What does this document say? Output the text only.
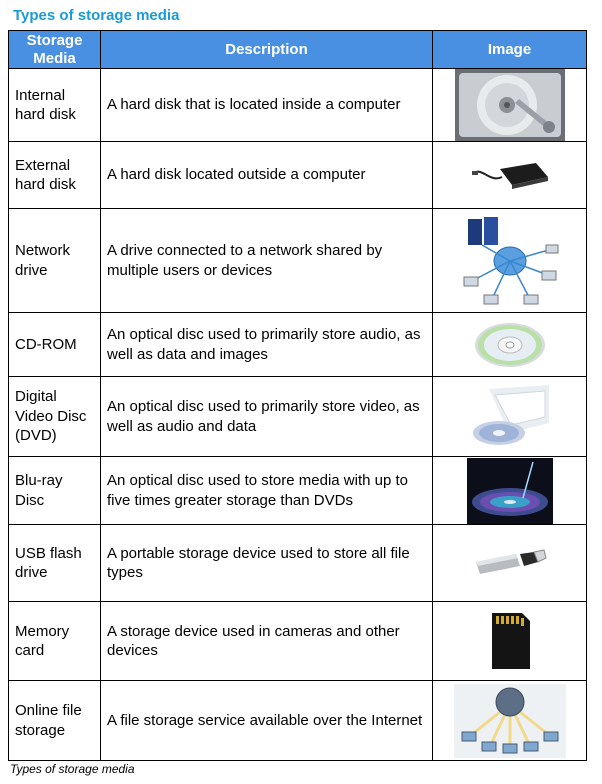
Types of storage media
Storage Media	Description	Image
Internal hard disk	A hard disk that is located inside a computer	
External hard disk	A hard disk located outside a computer	
Network drive	A drive connected to a network shared by multiple users or devices	
CD-ROM	An optical disc used to primarily store audio, as well as data and images	
Digital Video Disc (DVD)	An optical disc used to primarily store video, as well as audio and data	
Blu-ray Disc	An optical disc used to store media with up to five times greater storage than DVDs	
USB flash drive	A portable storage device used to store all file types	
Memory card	A storage device used in cameras and other devices	
Online file storage	A file storage service available over the Internet	
Types of storage media
